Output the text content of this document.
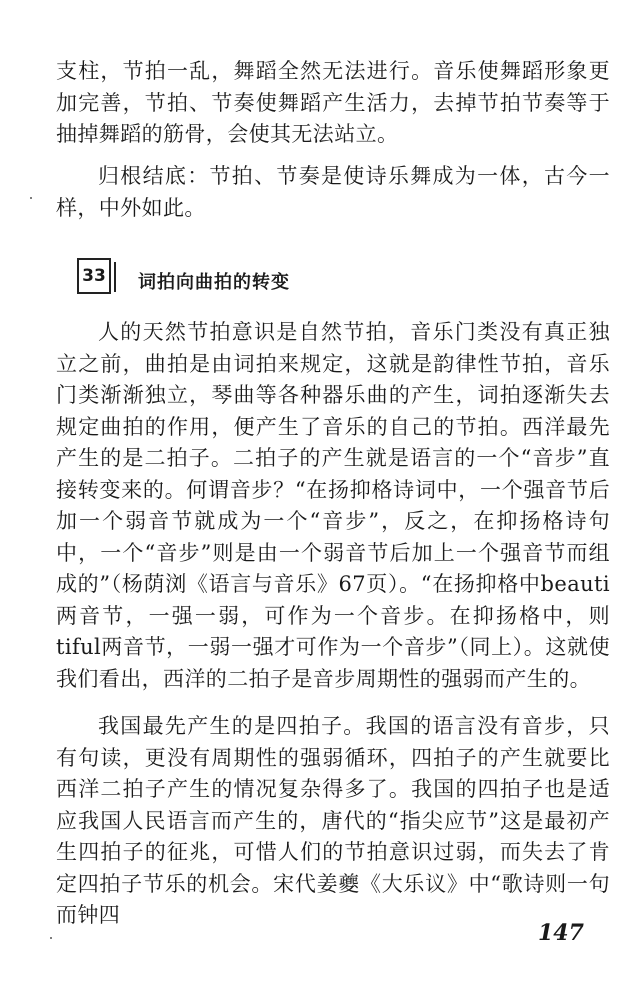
支柱，节拍一乱，舞蹈全然无法进行。音乐使舞蹈形象更加完善，节拍、节奏使舞蹈产生活力，去掉节拍节奏等于抽掉舞蹈的筋骨，会使其无法站立。

归根结底：节拍、节奏是使诗乐舞成为一体，古今一样，中外如此。

33 词拍向曲拍的转变

人的天然节拍意识是自然节拍，音乐门类没有真正独立之前，曲拍是由词拍来规定，这就是韵律性节拍，音乐门类渐渐独立，琴曲等各种器乐曲的产生，词拍逐渐失去规定曲拍的作用，便产生了音乐的自己的节拍。西洋最先产生的是二拍子。二拍子的产生就是语言的一个“音步”直接转变来的。何谓音步？“在扬抑格诗词中，一个强音节后加一个弱音节就成为一个“音步”，反之，在抑扬格诗句中，一个“音步”则是由一个弱音节后加上一个强音节而组成的”（杨荫浏《语言与音乐》67页）。“在扬抑格中beauti两音节，一强一弱，可作为一个音步。在抑扬格中，则tiful两音节，一弱一强才可作为一个音步”（同上）。这就使我们看出，西洋的二拍子是音步周期性的强弱而产生的。

我国最先产生的是四拍子。我国的语言没有音步，只有句读，更没有周期性的强弱循环，四拍子的产生就要比西洋二拍子产生的情况复杂得多了。我国的四拍子也是适应我国人民语言而产生的，唐代的“指尖应节”这是最初产生四拍子的征兆，可惜人们的节拍意识过弱，而失去了肯定四拍子节乐的机会。宋代姜夔《大乐议》中“歌诗则一句而钟四

147
